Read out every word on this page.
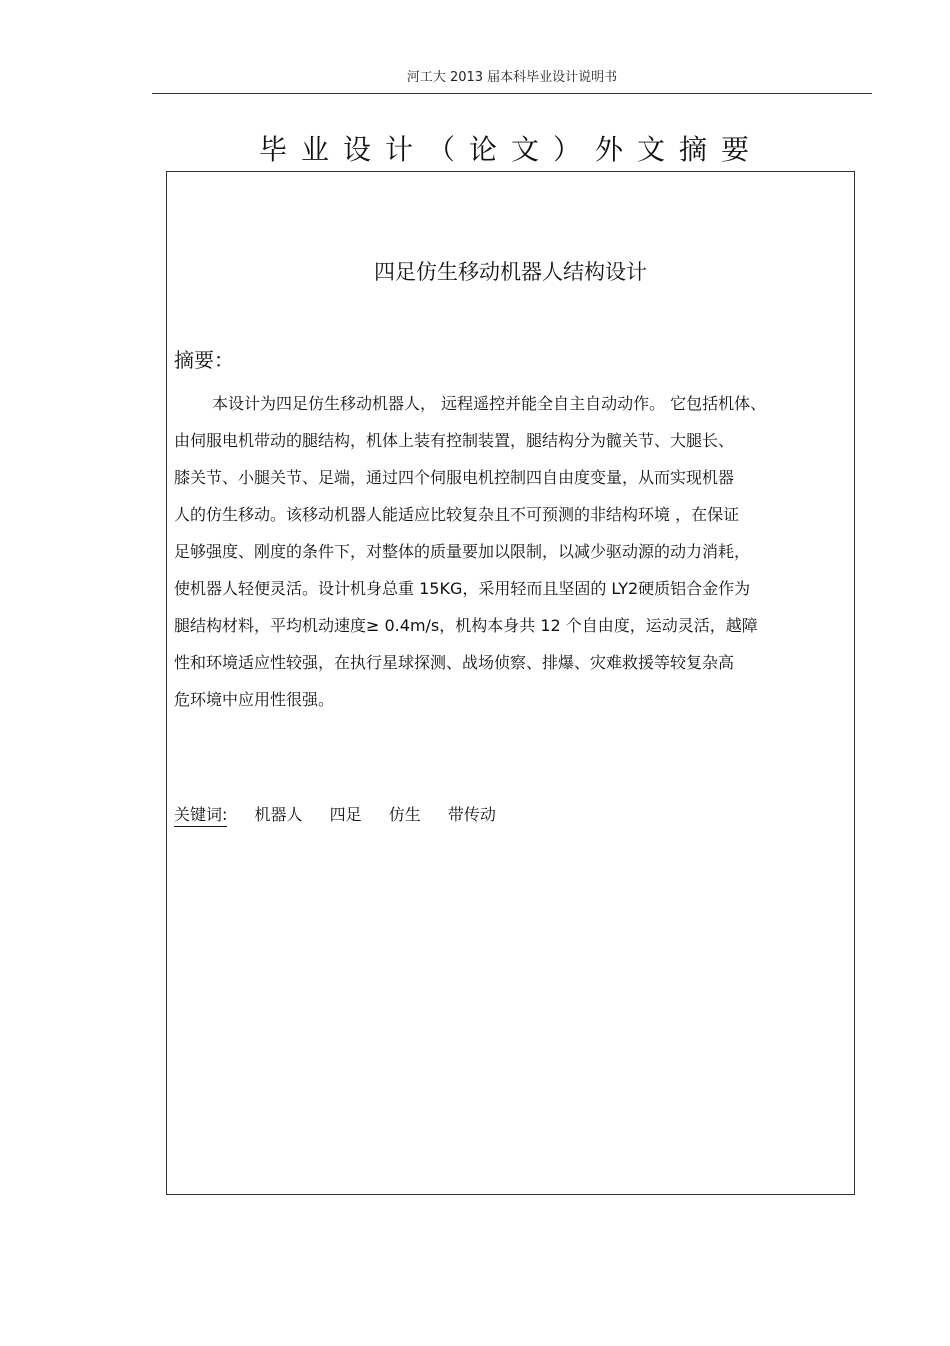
河工大 2013 届本科毕业设计说明书
毕业设计（论文）外文摘要
四足仿生移动机器人结构设计
摘要：
本设计为四足仿生移动机器人， 远程遥控并能全自主自动动作。 它包括机体、
由伺服电机带动的腿结构，机体上装有控制装置，腿结构分为髋关节、大腿长、
膝关节、小腿关节、足端，通过四个伺服电机控制四自由度变量，从而实现机器
人的仿生移动。该移动机器人能适应比较复杂且不可预测的非结构环境 ，在保证
足够强度、刚度的条件下，对整体的质量要加以限制，以减少驱动源的动力消耗，
使机器人轻便灵活。设计机身总重 15KG，采用轻而且坚固的 LY2硬质铝合金作为
腿结构材料，平均机动速度≥ 0.4m/s，机构本身共 12 个自由度，运动灵活，越障
性和环境适应性较强，在执行星球探测、战场侦察、排爆、灾难救援等较复杂高
危环境中应用性很强。
关键词: 机器人 四足 仿生 带传动
